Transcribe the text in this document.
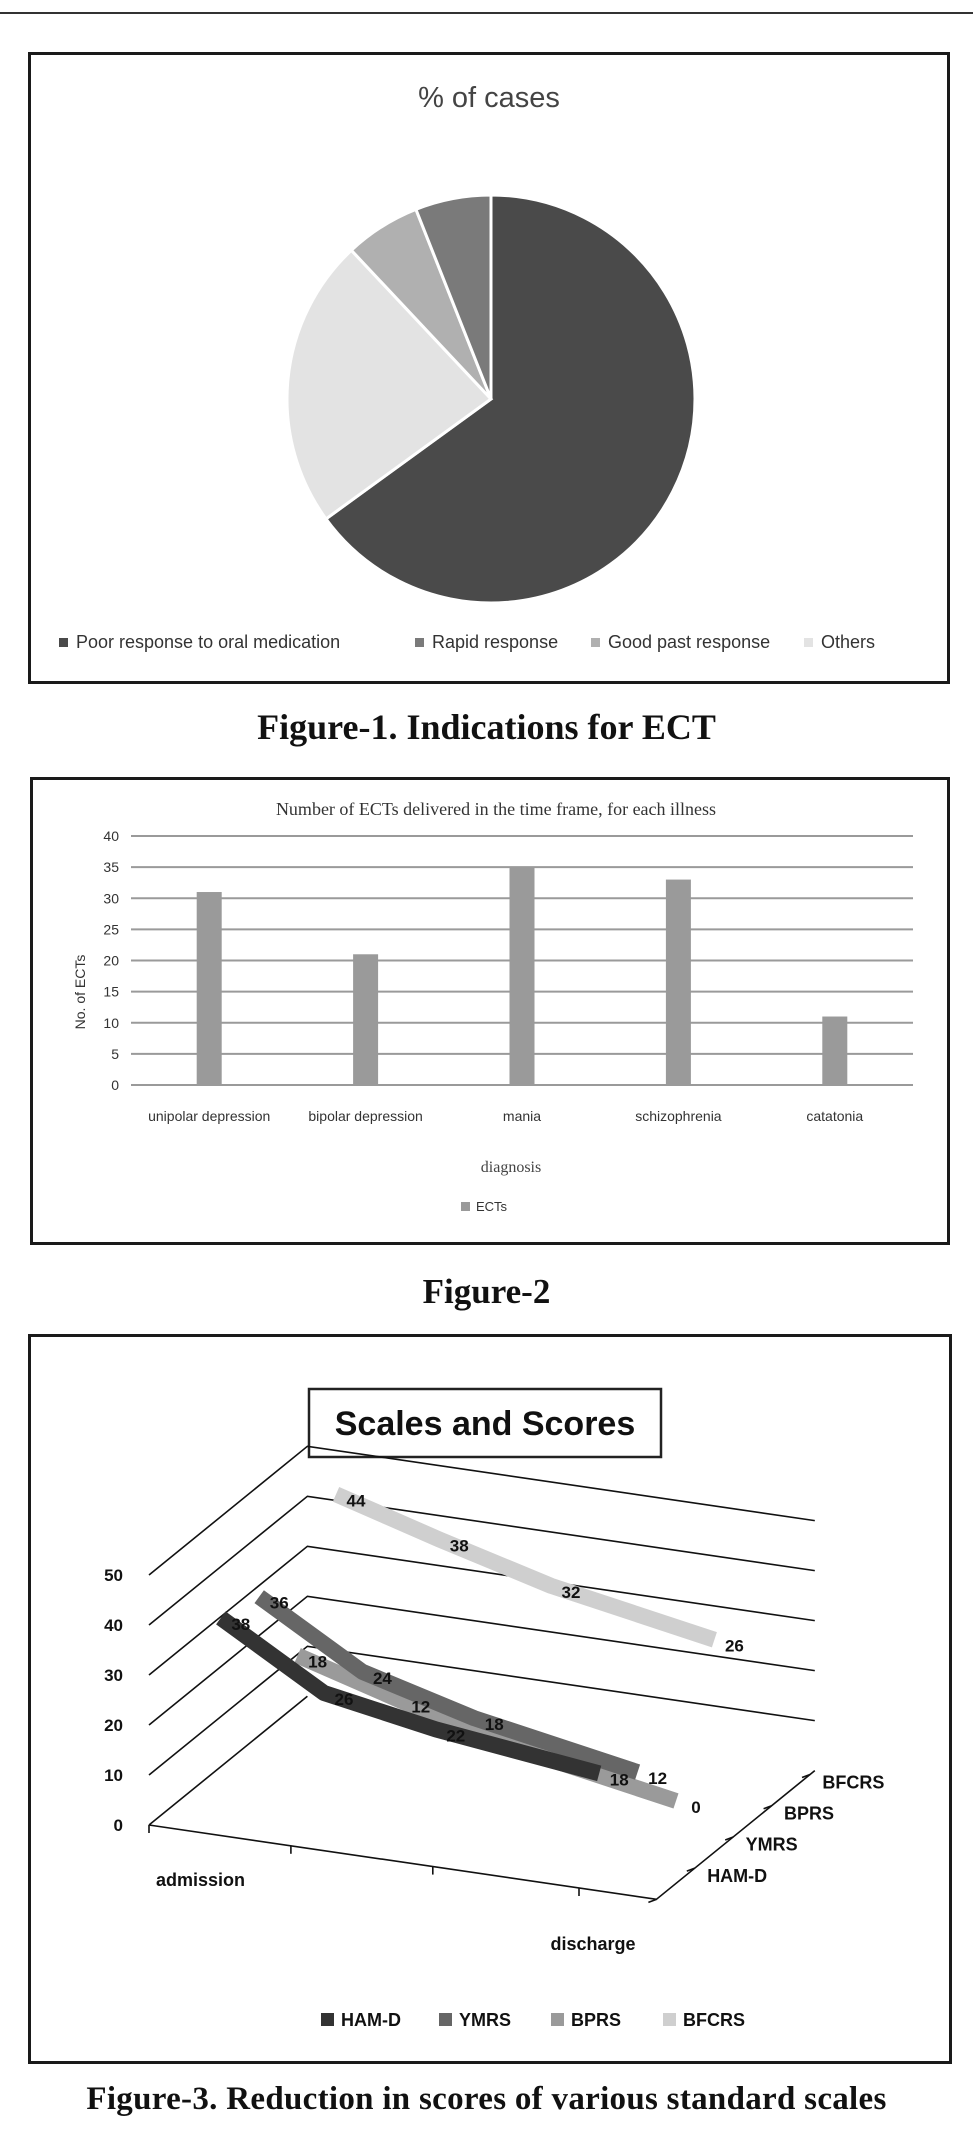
% of cases
Poor response to oral medication	Rapid response	Good past response	Others
Figure-1. Indications for ECT
Number of ECTs delivered in the time frame, for each illness
0
5
10
15
20
25
30
35
40
unipolar depression	bipolar depression	mania	schizophrenia	catatonia
diagnosis
No. of ECTs
ECTs
Figure-2
Scales and Scores
0
10
20
30
40
50
admission
discharge
HAM-D
YMRS
BPRS
BFCRS
44
38
32
26
18
12
0
36
24
18
12
38
26
22
18
HAM-D	YMRS	BPRS	BFCRS
Figure-3. Reduction in scores of various standard scales
